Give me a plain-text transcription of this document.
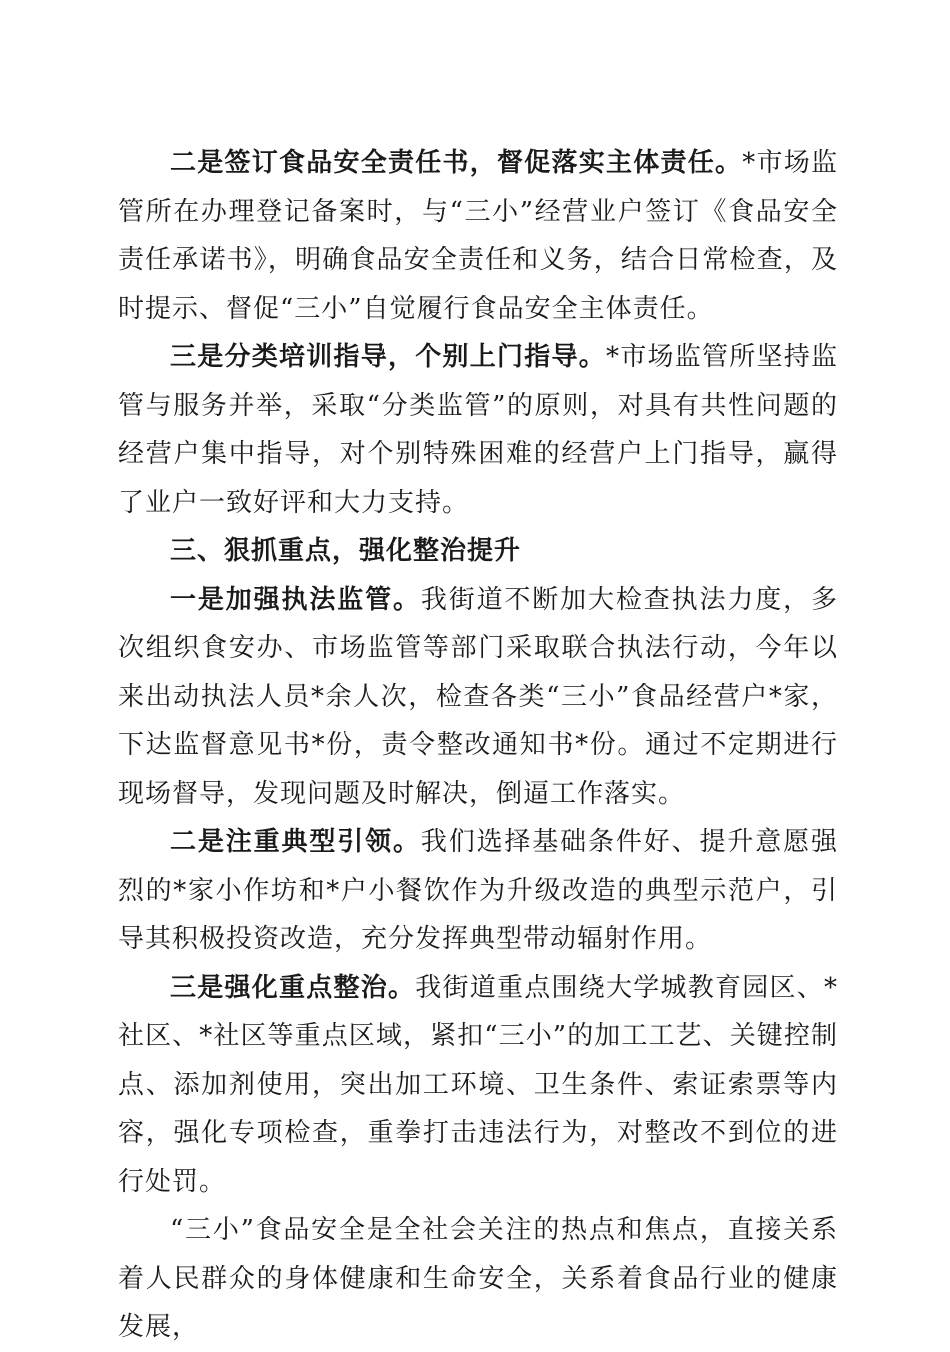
二是签订食品安全责任书，督促落实主体责任。*市场监管所在办理登记备案时，与“三小”经营业户签订《食品安全责任承诺书》，明确食品安全责任和义务，结合日常检查，及时提示、督促“三小”自觉履行食品安全主体责任。

三是分类培训指导，个别上门指导。*市场监管所坚持监管与服务并举，采取“分类监管”的原则，对具有共性问题的经营户集中指导，对个别特殊困难的经营户上门指导，赢得了业户一致好评和大力支持。

三、狠抓重点，强化整治提升

一是加强执法监管。我街道不断加大检查执法力度，多次组织食安办、市场监管等部门采取联合执法行动，今年以来出动执法人员*余人次，检查各类“三小”食品经营户*家，下达监督意见书*份，责令整改通知书*份。通过不定期进行现场督导，发现问题及时解决，倒逼工作落实。

二是注重典型引领。我们选择基础条件好、提升意愿强烈的*家小作坊和*户小餐饮作为升级改造的典型示范户，引导其积极投资改造，充分发挥典型带动辐射作用。

三是强化重点整治。我街道重点围绕大学城教育园区、*社区、*社区等重点区域，紧扣“三小”的加工工艺、关键控制点、添加剂使用，突出加工环境、卫生条件、索证索票等内容，强化专项检查，重拳打击违法行为，对整改不到位的进行处罚。

“三小”食品安全是全社会关注的热点和焦点，直接关系着人民群众的身体健康和生命安全，关系着食品行业的健康发展，
